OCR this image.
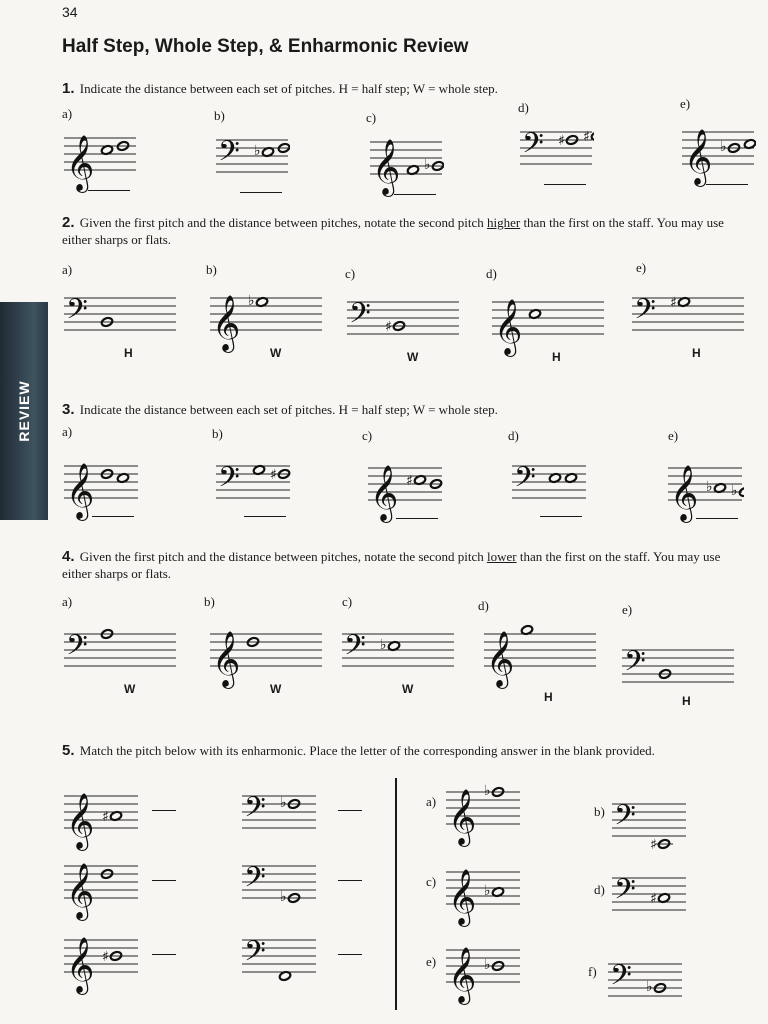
34
Half Step, Whole Step, & Enharmonic Review
REVIEW
1. Indicate the distance between each set of pitches. H = half step; W = whole step.
2. Given the first pitch and the distance between pitches, notate the second pitch higher than the first on the staff. You may use either sharps or flats.
3. Indicate the distance between each set of pitches. H = half step; W = whole step.
4. Given the first pitch and the distance between pitches, notate the second pitch lower than the first on the staff. You may use either sharps or flats.
5. Match the pitch below with its enharmonic. Place the letter of the corresponding answer in the blank provided.
a)
𝄞
b)
𝄢 ♭
c)
𝄞 ♭
d)
𝄢 ♯ ♯
e)
𝄞 ♭
a)
𝄢
H
b)
𝄞 ♭
W
c)
𝄢 ♯
W
d)
𝄞
H
e)
𝄢 ♯
H
a)
𝄞
b)
𝄢 ♯
c)
𝄞 ♯
d)
𝄢
e)
𝄞 ♭ ♭
a)
𝄢
W
b)
𝄞
W
c)
𝄢 ♭
W
d)
𝄞
H
e)
𝄢
H
𝄞 ♯	𝄢 ♭
𝄞	𝄢 ♭
𝄞 ♯	𝄢
a) 𝄞 ♭
b) 𝄢
♯
c) 𝄞 ♭	d) 𝄢 ♯
e) 𝄞 ♭	f) 𝄢 ♭
